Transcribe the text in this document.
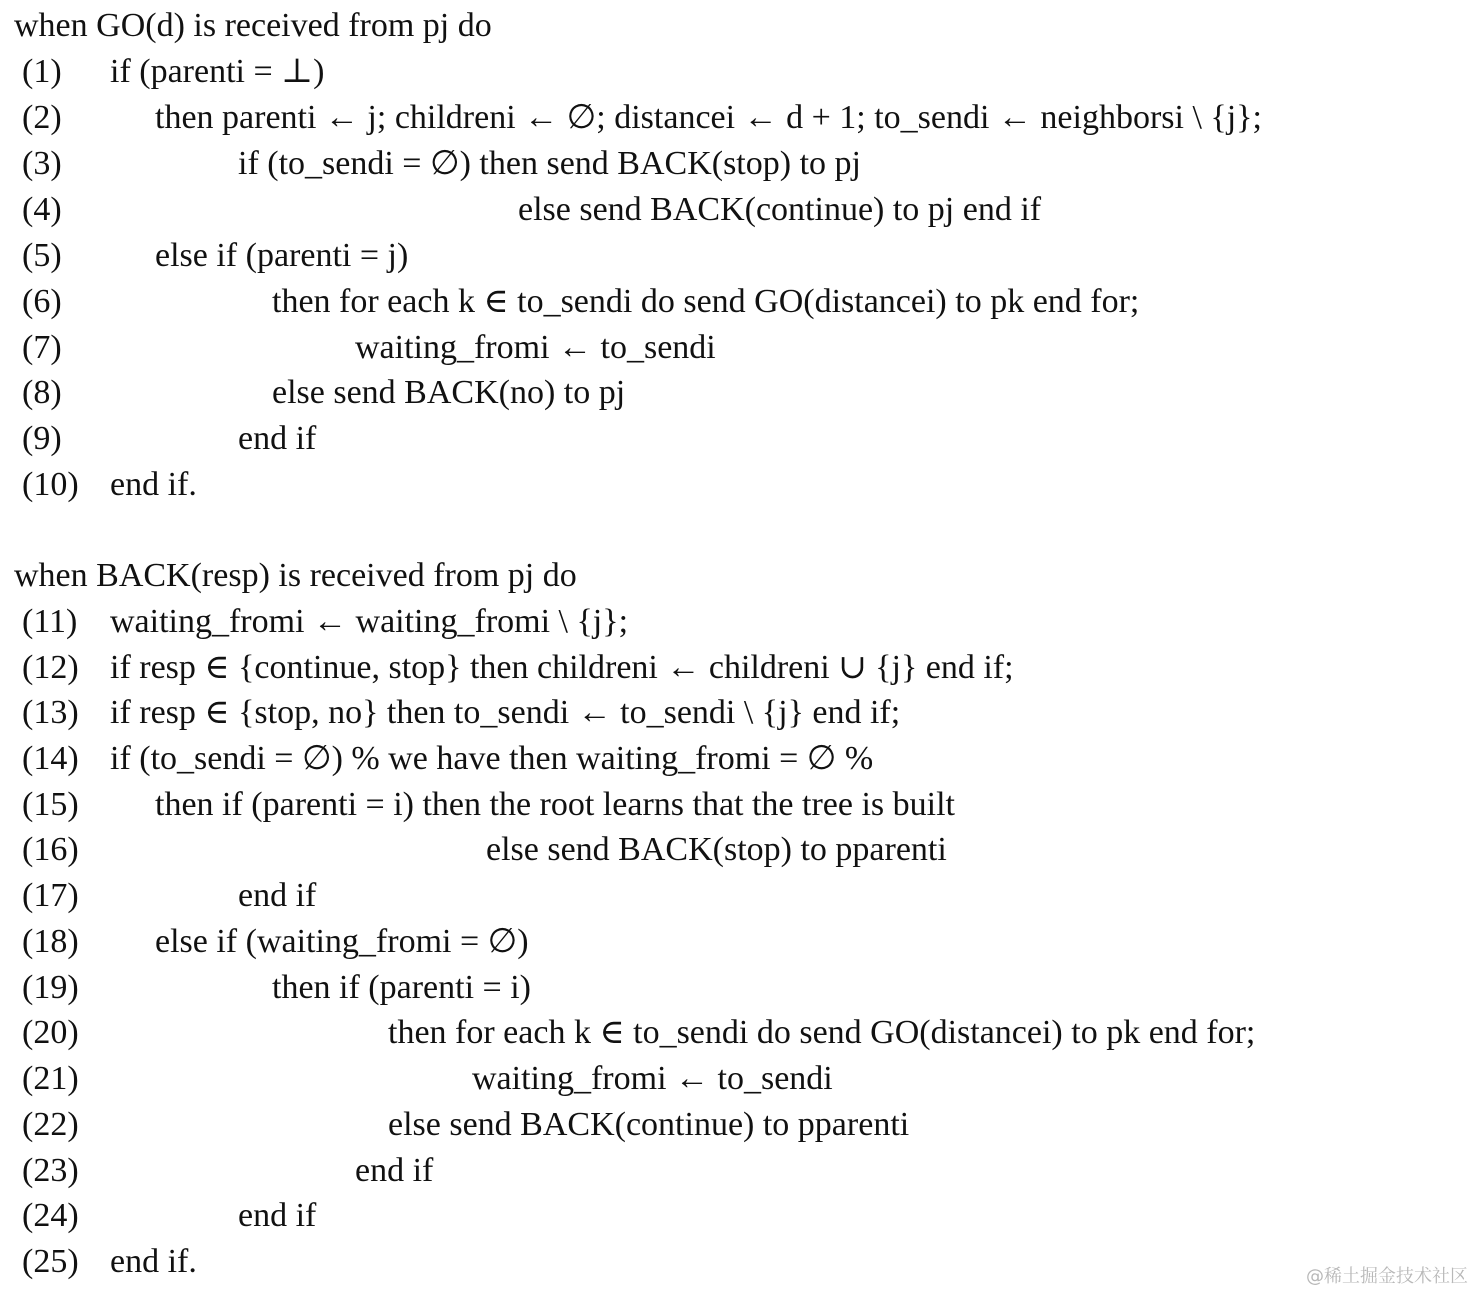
when GO(d) is received from pj do
(1) if (parenti = ⊥)
(2)	then parenti ← j; childreni ← ∅; distancei ← d + 1; to_sendi ← neighborsi \ {j};
(3)	if (to_sendi = ∅) then send BACK(stop) to pj
(4)	else send BACK(continue) to pj end if
(5)	else if (parenti = j)
(6)	then for each k ∈ to_sendi do send GO(distancei) to pk end for;
(7)	waiting_fromi ← to_sendi
(8)	else send BACK(no) to pj
(9)	end if
(10) end if.
when BACK(resp) is received from pj do
(11) waiting_fromi ← waiting_fromi \ {j};
(12) if resp ∈ {continue, stop} then childreni ← childreni ∪ {j} end if;
(13) if resp ∈ {stop, no} then to_sendi ← to_sendi \ {j} end if;
(14) if (to_sendi = ∅) % we have then waiting_fromi = ∅ %
(15) then if (parenti = i) then the root learns that the tree is built
(16)	else send BACK(stop) to pparenti
(17)	end if
(18) else if (waiting_fromi = ∅)
(19)	then if (parenti = i)
(20)	then for each k ∈ to_sendi do send GO(distancei) to pk end for;
(21)	waiting_fromi ← to_sendi
(22)	else send BACK(continue) to pparenti
(23)	end if
(24)	end if
(25) end if.	@稀土掘金技术社区
